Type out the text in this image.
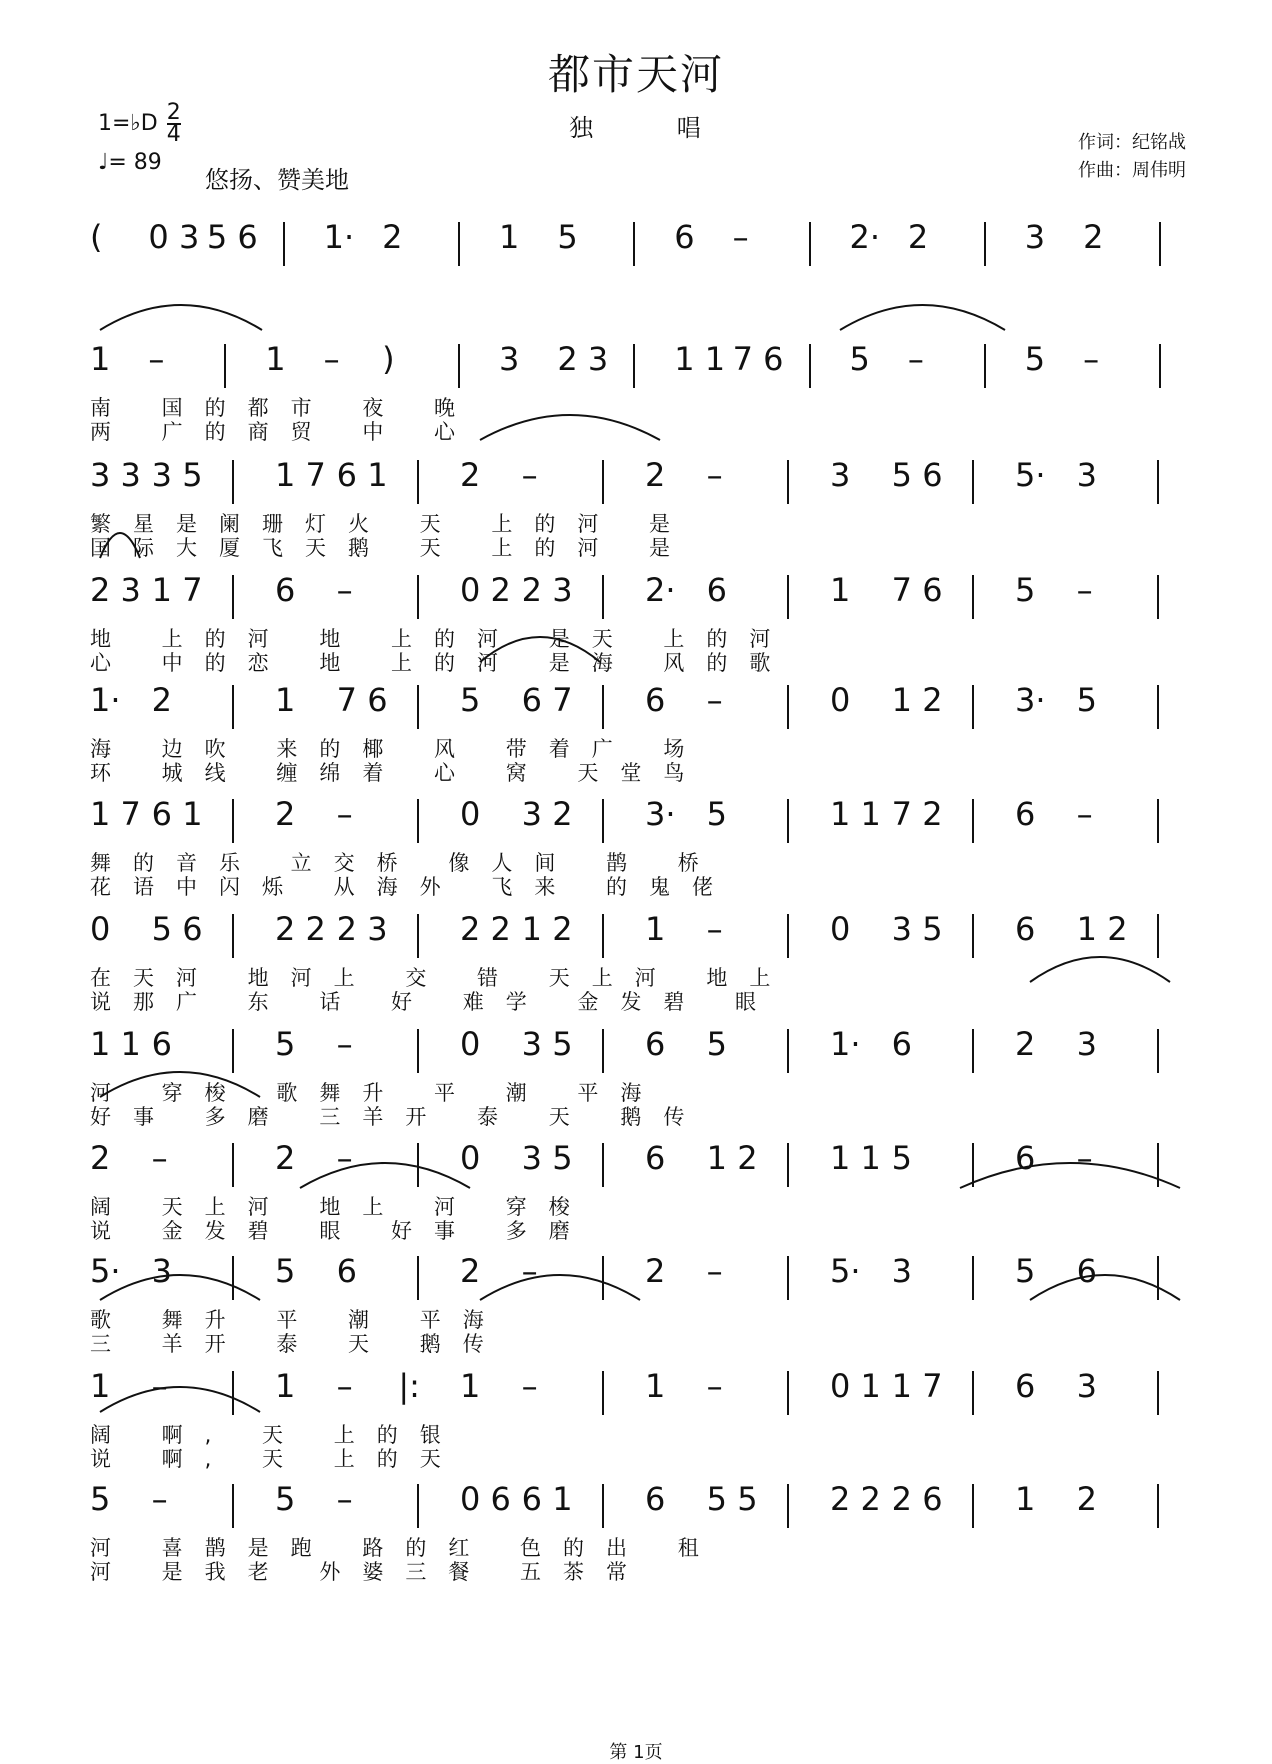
都市天河
独 唱
1=♭D $\frac{2}{4}$
♩= 89
悠扬、赞美地
作词：纪铭战
作曲：周伟明
( 0 3 5 6 1· 2	1 5	6 –	2· 2	3 2
1 –	1 – )	3 2 3 1 1 7 6 5 –	5 –
南 国的都市 夜 晚
两 广的商贸 中 心
3 3 3 5 1 7 6 1 2 –	2 –	3 5 6 5· 3
繁星是阑珊灯火 天 上的河 是
国际大厦飞天鹅 天 上的河 是
2 3 1 7 6 –	0 2 2 3 2· 6	1 7 6 5 –
地 上的河 地 上的河 是天 上的河
心 中的恋 地 上的河 是海 风的歌
1· 2	1 7 6 5 6 7 6 –	0 1 2 3· 5
海 边吹 来的椰 风 带着广 场
环 城线 缠绵着 心 窝 天堂鸟
1 7 6 1 2 –	0 3 2 3· 5	1 1 7 2 6 –
舞的音乐 立交桥 像人间 鹊 桥
花语中闪烁 从海外 飞来 的鬼佬
0 5 6 2 2 2 3 2 2 1 2 1 –	0 3 5 6 1 2
在天河 地河上 交 错 天上河 地上
说那广 东 话 好 难学 金发碧 眼
1 1 6	5 –	0 3 5 6 5	1· 6	2 3
河 穿梭 歌舞升 平 潮 平海
好事 多磨 三羊开 泰 天 鹅传
2 –	2 –	0 3 5 6 1 2 1 1 5	6 –
阔 天上河 地上 河 穿梭
说 金发碧 眼 好事 多磨
5· 3	5 6	2 –	2 –	5· 3	5 6
歌 舞升 平 潮 平海
三 羊开 泰 天 鹅传
1 –	1 – |: 1 –	1 –	0 1 1 7 6 3
阔 啊, 天 上的银
说 啊, 天 上的天
5 –	5 –	0 6 6 1 6 5 5 2 2 2 6 1 2
河 喜鹊是跑 路的红 色的出 租
河 是我老 外婆三餐 五茶常
第 1页
